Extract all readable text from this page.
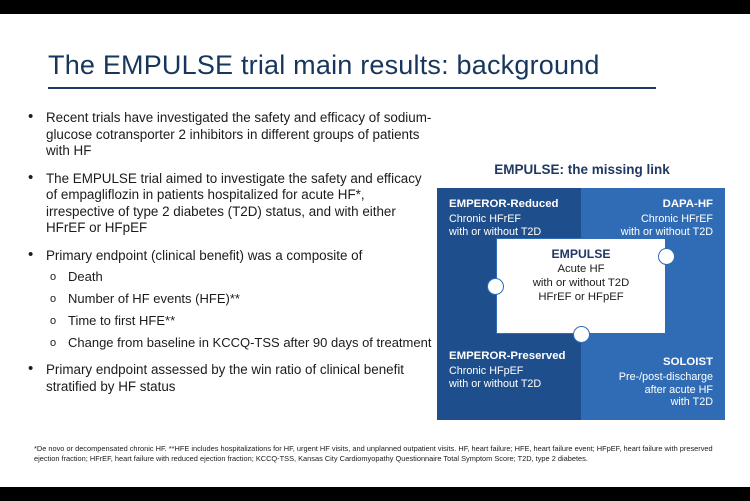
The EMPULSE trial main results: background
• Recent trials have investigated the safety and efficacy of sodium-glucose cotransporter 2 inhibitors in different groups of patients with HF
• The EMPULSE trial aimed to investigate the safety and efficacy of empagliflozin in patients hospitalized for acute HF*, irrespective of type 2 diabetes (T2D) status, and with either HFrEF or HFpEF
• Primary endpoint (clinical benefit) was a composite of
o Death
o Number of HF events (HFE)**
o Time to first HFE**
o Change from baseline in KCCQ-TSS after 90 days of treatment
• Primary endpoint assessed by the win ratio of clinical benefit stratified by HF status
EMPULSE: the missing link
EMPEROR-Reduced
Chronic HFrEF
with or without T2D
DAPA-HF
Chronic HFrEF
with or without T2D
EMPEROR-Preserved
Chronic HFpEF
with or without T2D
SOLOIST
Pre-/post-discharge
after acute HF
with T2D
EMPULSE
Acute HF
with or without T2D
HFrEF or HFpEF
*De novo or decompensated chronic HF. **HFE includes hospitalizations for HF, urgent HF visits, and unplanned outpatient visits. HF, heart failure; HFE, heart failure event; HFpEF, heart failure with preserved ejection fraction; HFrEF, heart failure with reduced ejection fraction; KCCQ-TSS, Kansas City Cardiomyopathy Questionnaire Total Symptom Score; T2D, type 2 diabetes.
